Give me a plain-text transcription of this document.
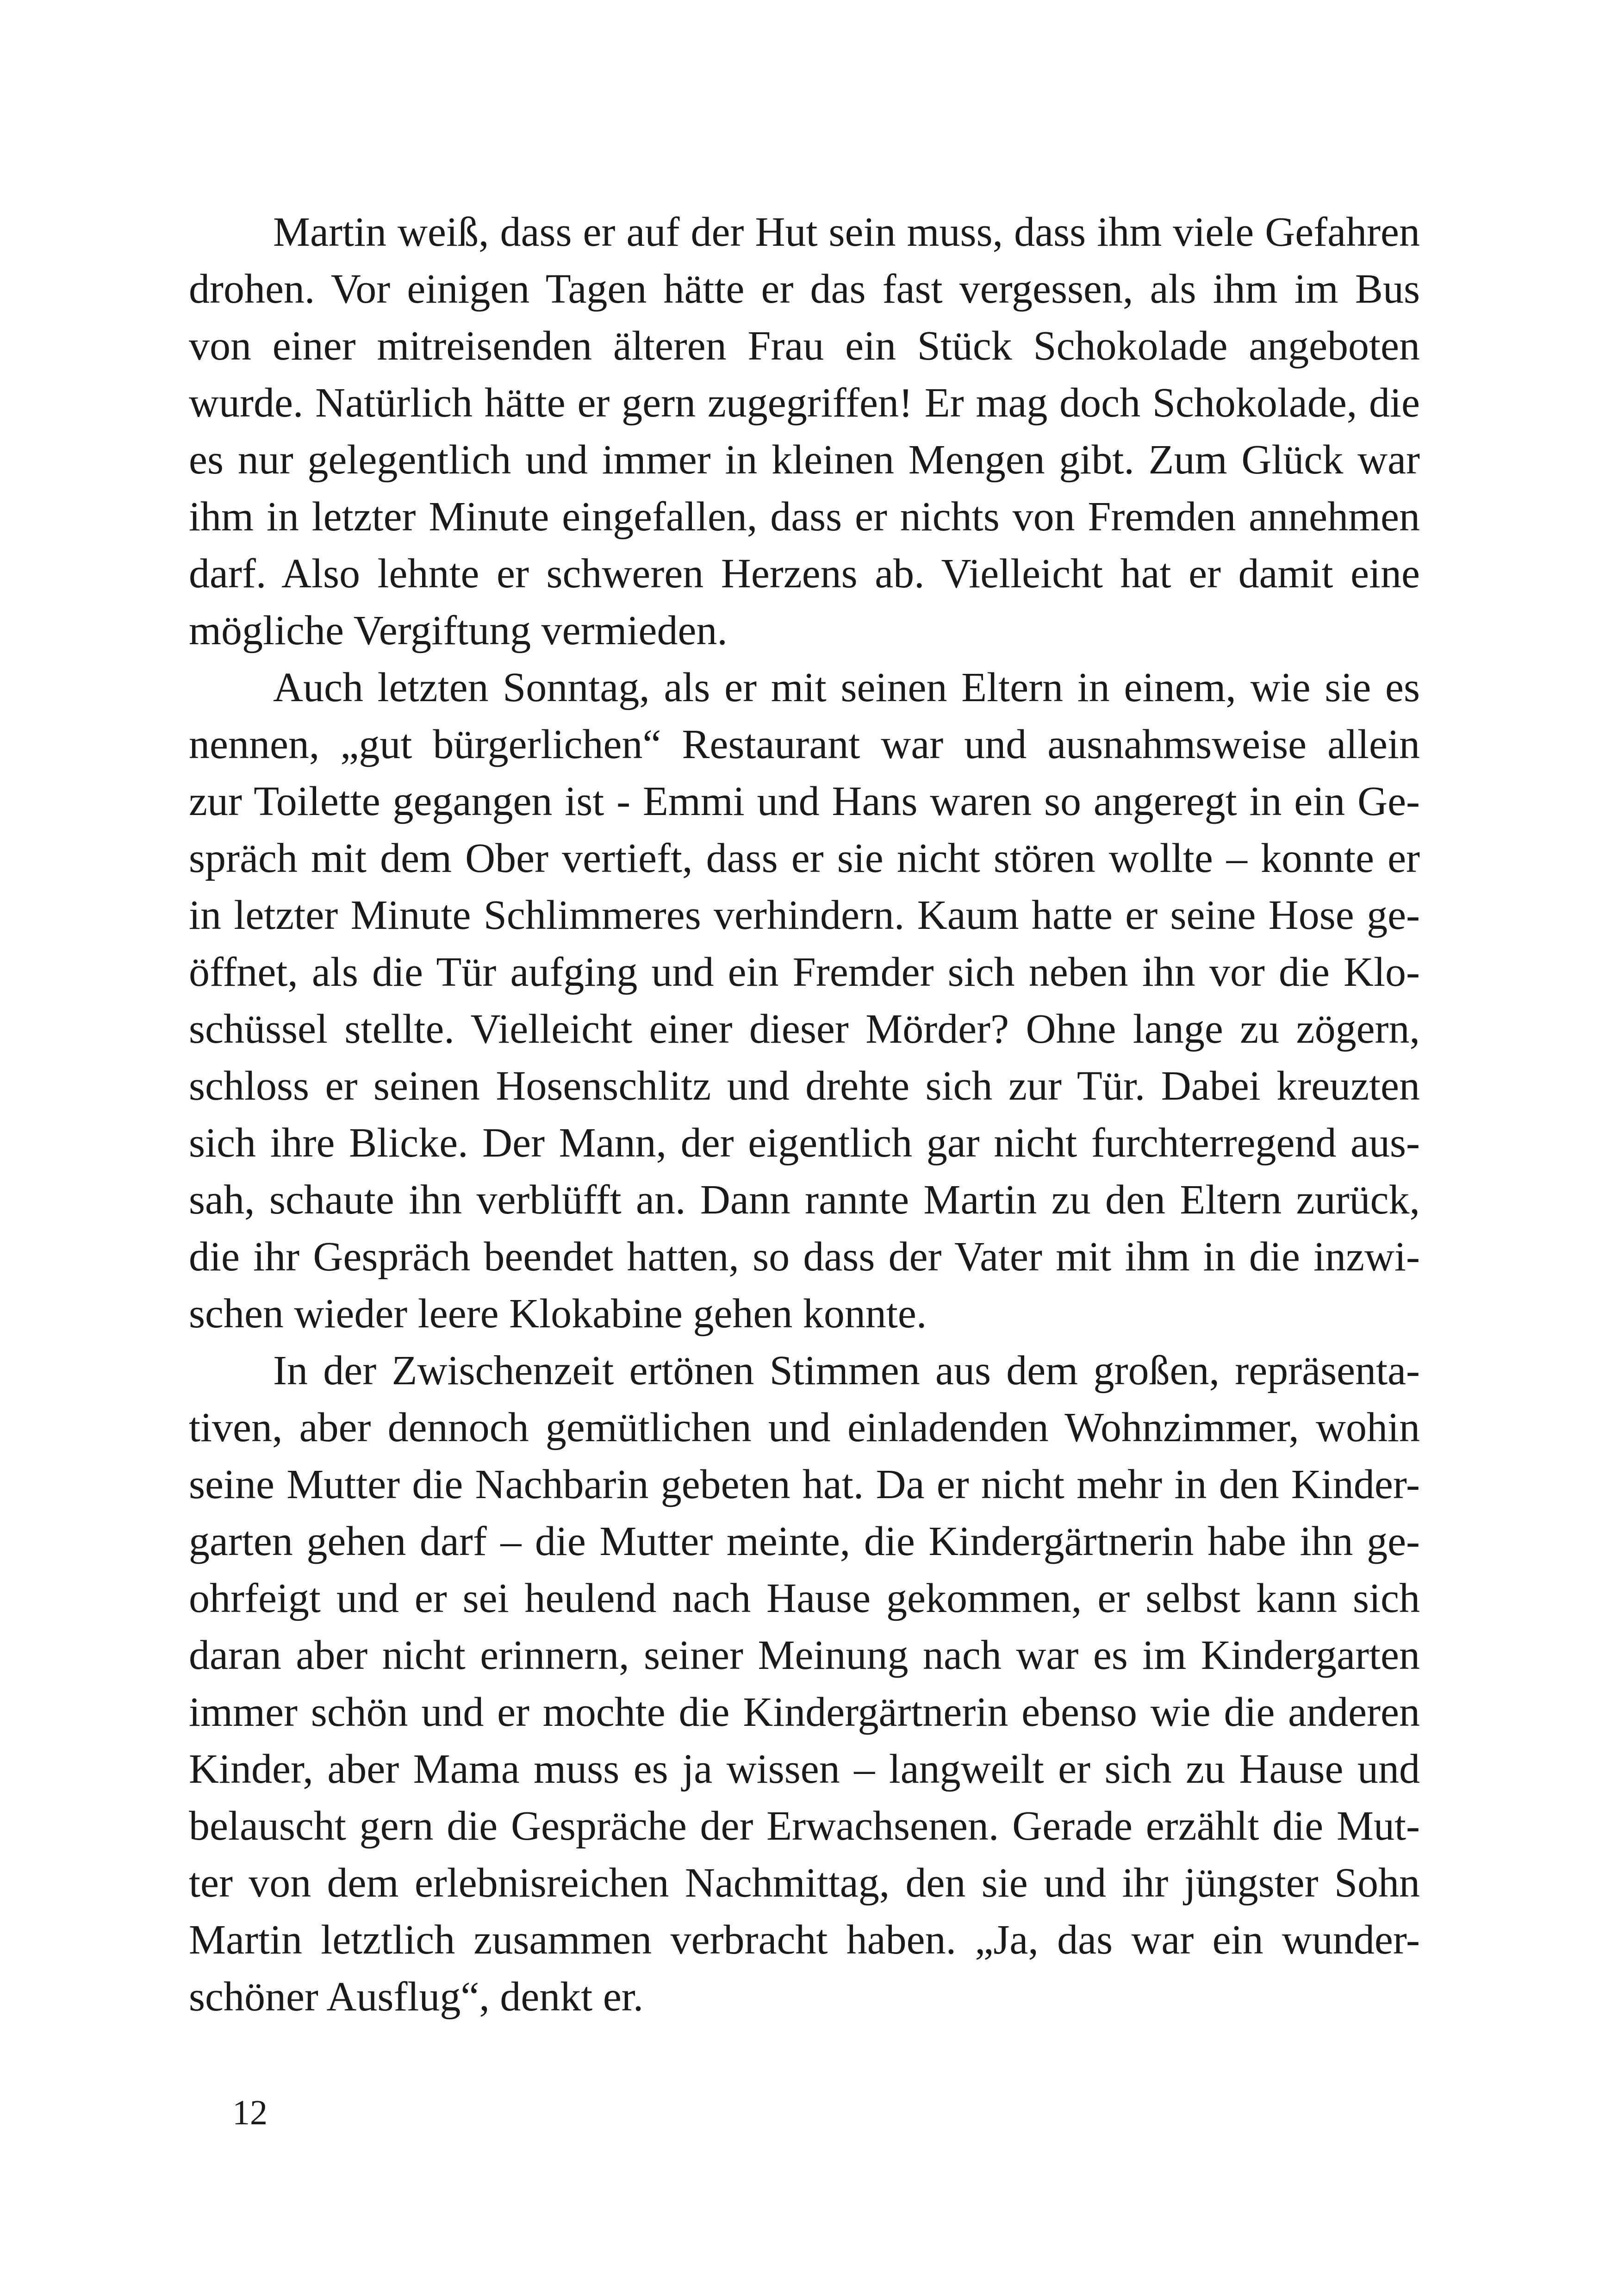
Martin weiß, dass er auf der Hut sein muss, dass ihm viele Gefahren
drohen. Vor einigen Tagen hätte er das fast vergessen, als ihm im Bus
von einer mitreisenden älteren Frau ein Stück Schokolade angeboten
wurde. Natürlich hätte er gern zugegriffen! Er mag doch Schokolade, die
es nur gelegentlich und immer in kleinen Mengen gibt. Zum Glück war
ihm in letzter Minute eingefallen, dass er nichts von Fremden annehmen
darf. Also lehnte er schweren Herzens ab. Vielleicht hat er damit eine
mögliche Vergiftung vermieden.

Auch letzten Sonntag, als er mit seinen Eltern in einem, wie sie es
nennen, „gut bürgerlichen“ Restaurant war und ausnahmsweise allein
zur Toilette gegangen ist - Emmi und Hans waren so angeregt in ein Ge-
spräch mit dem Ober vertieft, dass er sie nicht stören wollte – konnte er
in letzter Minute Schlimmeres verhindern. Kaum hatte er seine Hose ge-
öffnet, als die Tür aufging und ein Fremder sich neben ihn vor die Klo-
schüssel stellte. Vielleicht einer dieser Mörder? Ohne lange zu zögern,
schloss er seinen Hosenschlitz und drehte sich zur Tür. Dabei kreuzten
sich ihre Blicke. Der Mann, der eigentlich gar nicht furchterregend aus-
sah, schaute ihn verblüfft an. Dann rannte Martin zu den Eltern zurück,
die ihr Gespräch beendet hatten, so dass der Vater mit ihm in die inzwi-
schen wieder leere Klokabine gehen konnte.

In der Zwischenzeit ertönen Stimmen aus dem großen, repräsenta-
tiven, aber dennoch gemütlichen und einladenden Wohnzimmer, wohin
seine Mutter die Nachbarin gebeten hat. Da er nicht mehr in den Kinder-
garten gehen darf – die Mutter meinte, die Kindergärtnerin habe ihn ge-
ohrfeigt und er sei heulend nach Hause gekommen, er selbst kann sich
daran aber nicht erinnern, seiner Meinung nach war es im Kindergarten
immer schön und er mochte die Kindergärtnerin ebenso wie die anderen
Kinder, aber Mama muss es ja wissen – langweilt er sich zu Hause und
belauscht gern die Gespräche der Erwachsenen. Gerade erzählt die Mut-
ter von dem erlebnisreichen Nachmittag, den sie und ihr jüngster Sohn
Martin letztlich zusammen verbracht haben. „Ja, das war ein wunder-
schöner Ausflug“, denkt er.

12
